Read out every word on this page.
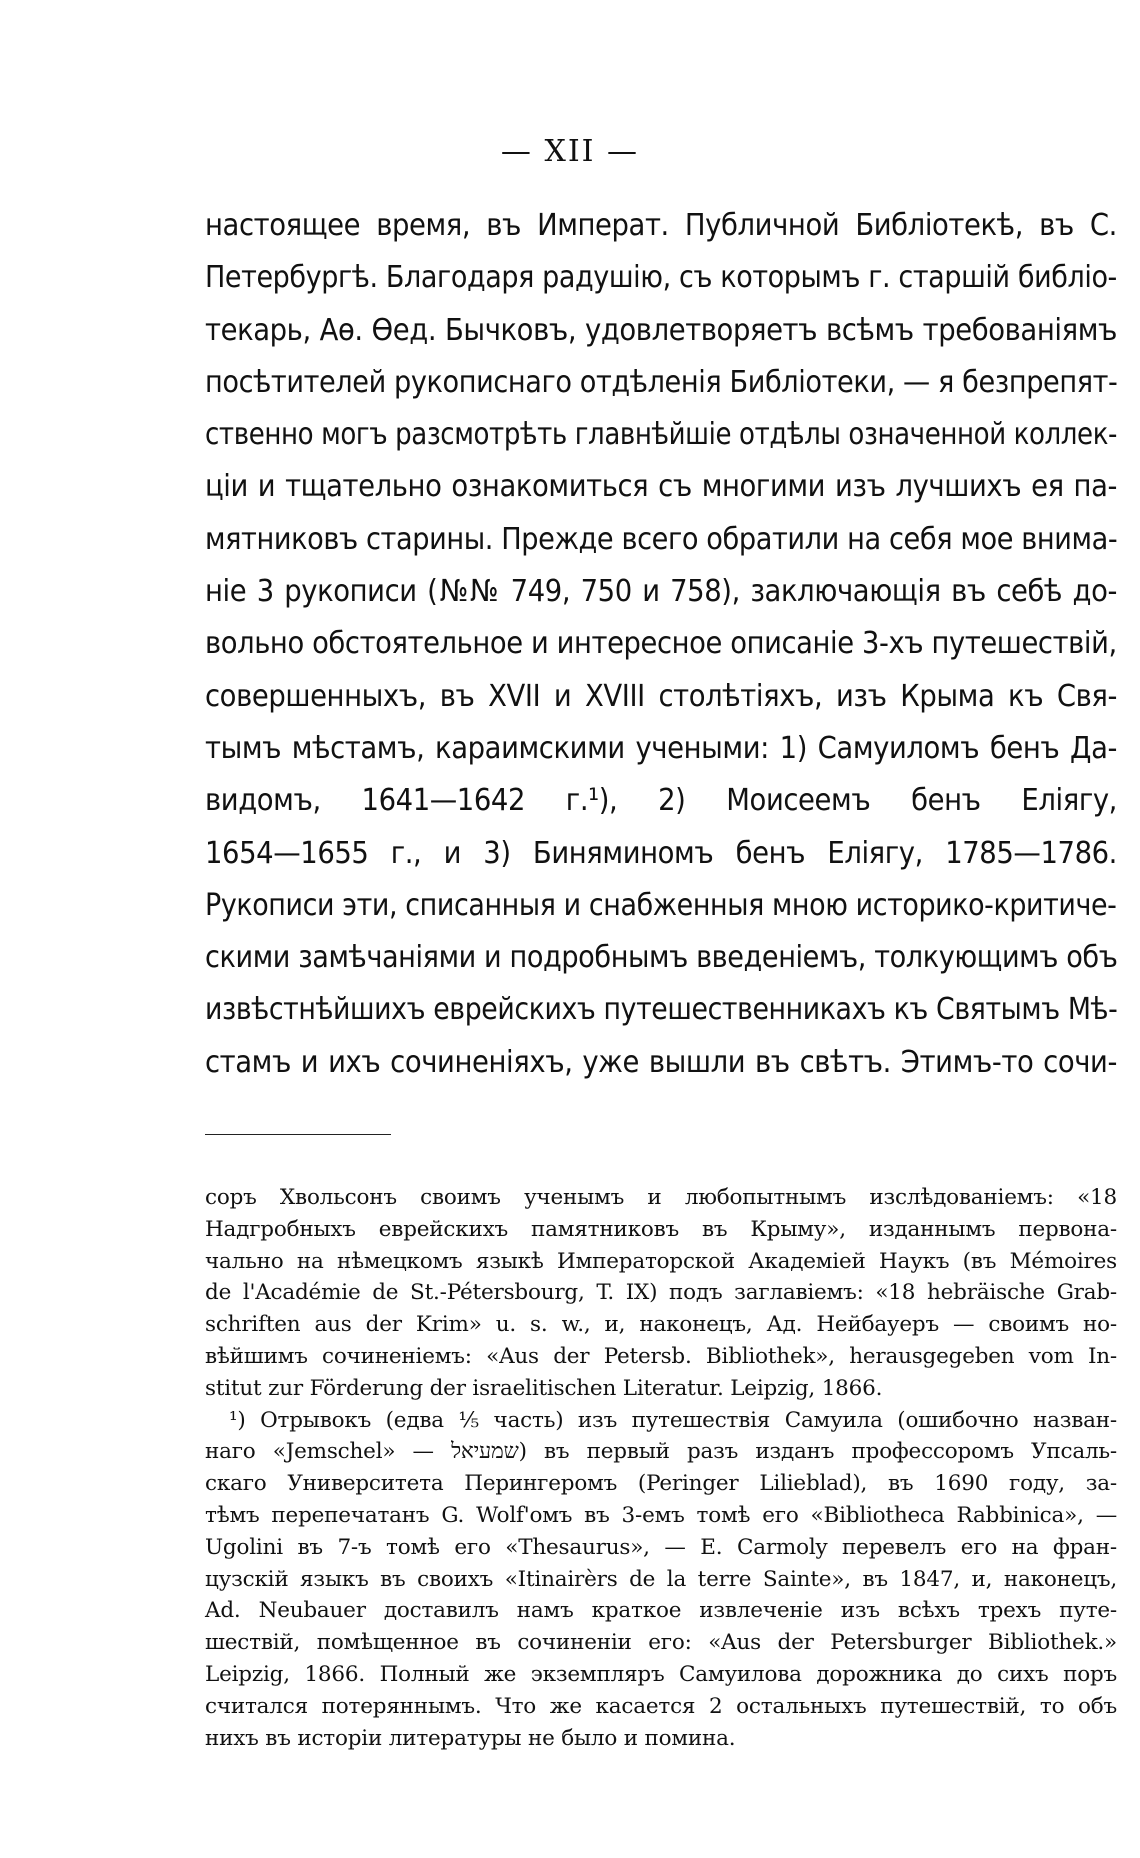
— XII —
настоящее время, въ Императ. Публичной Библіотекѣ, въ С.
Петербургѣ. Благодаря радушію, съ которымъ г. старшій библіо-
текарь, Аѳ. Ѳед. Бычковъ, удовлетворяетъ всѣмъ требованіямъ
посѣтителей рукописнаго отдѣленія Библіотеки, — я безпрепят-
ственно могъ разсмотрѣть главнѣйшіе отдѣлы означенной коллек-
ціи и тщательно ознакомиться съ многими изъ лучшихъ ея па-
мятниковъ старины. Прежде всего обратили на себя мое внима-
ніе 3 рукописи (№№ 749, 750 и 758), заключающія въ себѣ до-
вольно обстоятельное и интересное описаніе 3-хъ путешествій,
совершенныхъ, въ XVII и XVIII столѣтіяхъ, изъ Крыма къ Свя-
тымъ мѣстамъ, караимскими учеными: 1) Самуиломъ бенъ Да-
видомъ, 1641—1642 г.¹), 2) Моисеемъ бенъ Еліягу,
1654—1655 г., и 3) Биняминомъ бенъ Еліягу, 1785—1786.
Рукописи эти, списанныя и снабженныя мною историко-критиче-
скими замѣчаніями и подробнымъ введеніемъ, толкующимъ объ
извѣстнѣйшихъ еврейскихъ путешественникахъ къ Святымъ Мѣ-
стамъ и ихъ сочиненіяхъ, уже вышли въ свѣтъ. Этимъ-то сочи-
соръ Хвольсонъ своимъ ученымъ и любопытнымъ изслѣдованіемъ: «18
Надгробныхъ еврейскихъ памятниковъ въ Крыму», изданнымъ первона-
чально на нѣмецкомъ языкѣ Императорской Академіей Наукъ (въ Mémoires
de l'Académie de St.-Pétersbourg, T. IX) подъ заглавіемъ: «18 hebräische Grab-
schriften aus der Krim» u. s. w., и, наконецъ, Ад. Нейбауеръ — своимъ но-
вѣйшимъ сочиненіемъ: «Aus der Petersb. Bibliothek», herausgegeben vom In-
stitut zur Förderung der israelitischen Literatur. Leipzig, 1866.
¹) Отрывокъ (едва ⅕ часть) изъ путешествія Самуила (ошибочно назван-
наго «Jemschel» — שמעיאל) въ первый разъ изданъ профессоромъ Упсаль-
скаго Университета Перингеромъ (Peringer Lilieblad), въ 1690 году, за-
тѣмъ перепечатанъ G. Wolf'омъ въ 3-емъ томѣ его «Bibliotheca Rabbinica», —
Ugolini въ 7-ъ томѣ его «Thesaurus», — E. Carmoly перевелъ его на фран-
цузскій языкъ въ своихъ «Itinairèrs de la terre Sainte», въ 1847, и, наконецъ,
Ad. Neubauer доставилъ намъ краткое извлеченіе изъ всѣхъ трехъ путе-
шествій, помѣщенное въ сочиненіи его: «Aus der Petersburger Bibliothek.»
Leipzig, 1866. Полный же экземпляръ Самуилова дорожника до сихъ поръ
считался потеряннымъ. Что же касается 2 остальныхъ путешествій, то объ
нихъ въ исторіи литературы не было и помина.
